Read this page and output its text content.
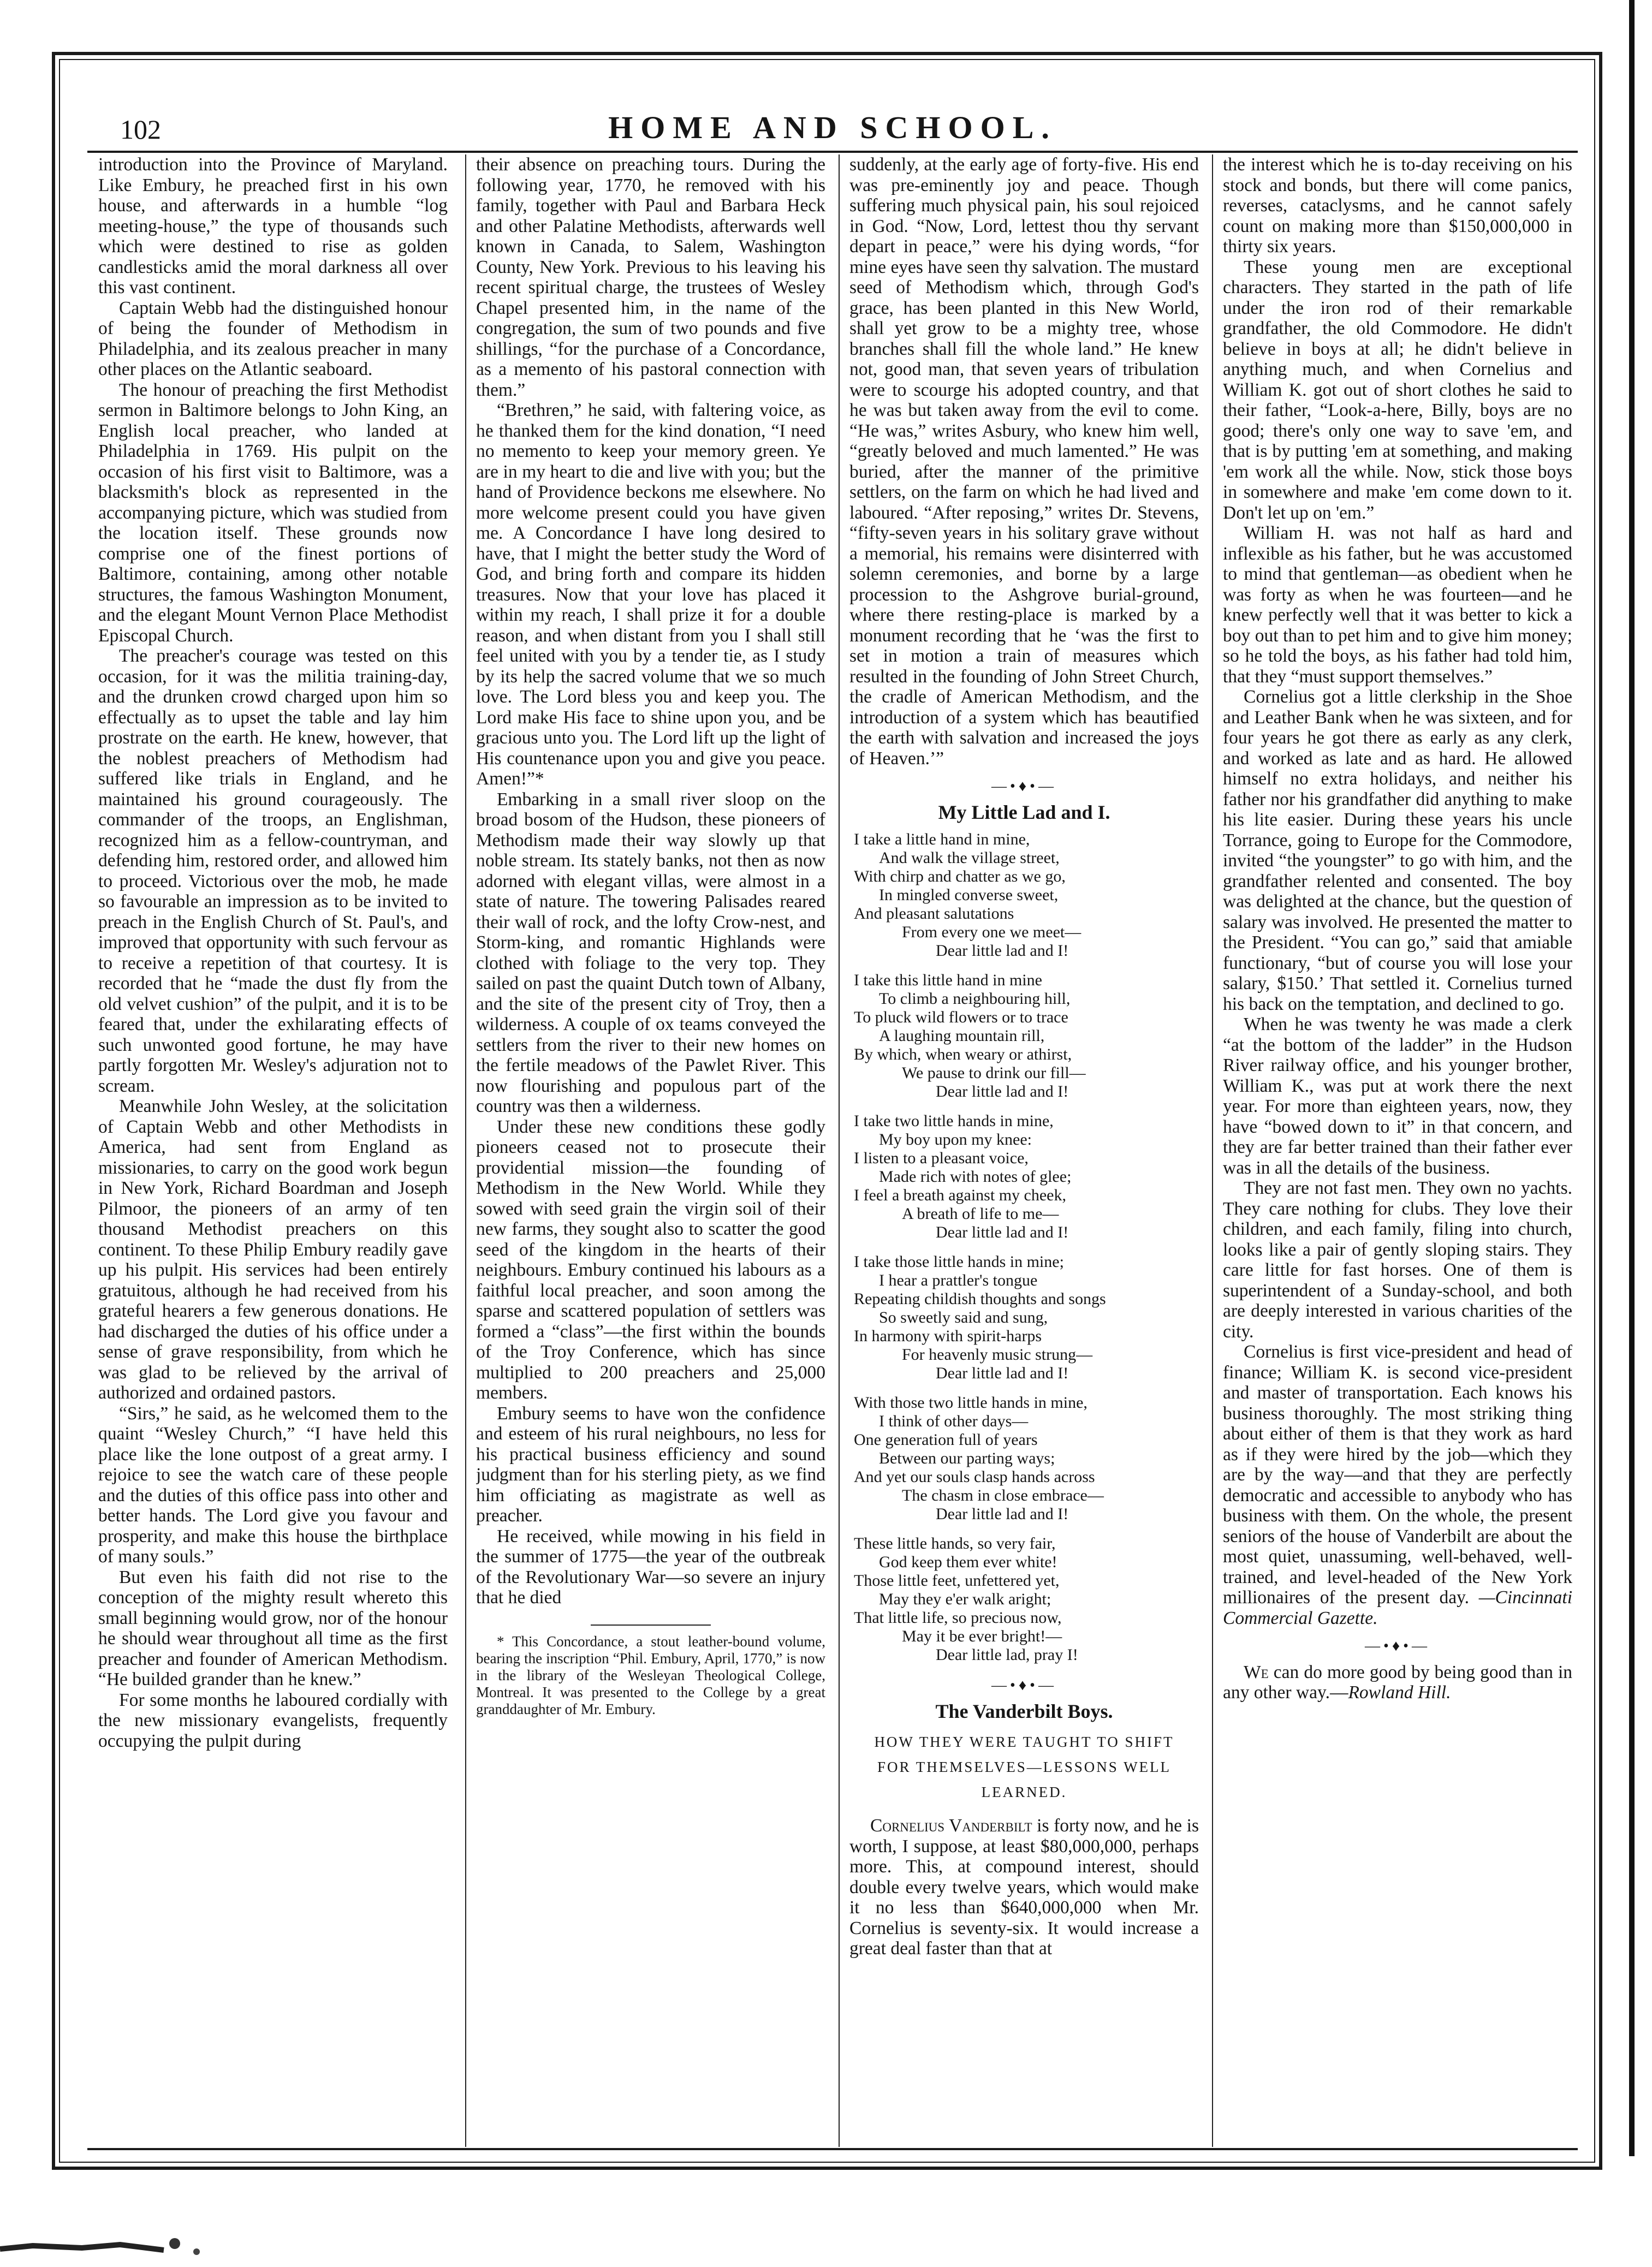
102	HOME AND SCHOOL.

introduction into the Province of Maryland. Like Embury, he preached first in his own house, and afterwards in a humble “log meeting-house,” the type of thousands such which were destined to rise as golden candlesticks amid the moral darkness all over this vast continent.

Captain Webb had the distinguished honour of being the founder of Methodism in Philadelphia, and its zealous preacher in many other places on the Atlantic seaboard.

The honour of preaching the first Methodist sermon in Baltimore belongs to John King, an English local preacher, who landed at Philadelphia in 1769. His pulpit on the occasion of his first visit to Baltimore, was a blacksmith's block as represented in the accompanying picture, which was studied from the location itself. These grounds now comprise one of the finest portions of Baltimore, containing, among other notable structures, the famous Washington Monument, and the elegant Mount Vernon Place Methodist Episcopal Church.

The preacher's courage was tested on this occasion, for it was the militia training-day, and the drunken crowd charged upon him so effectually as to upset the table and lay him prostrate on the earth. He knew, however, that the noblest preachers of Methodism had suffered like trials in England, and he maintained his ground courageously. The commander of the troops, an Englishman, recognized him as a fellow-countryman, and defending him, restored order, and allowed him to proceed. Victorious over the mob, he made so favourable an impression as to be invited to preach in the English Church of St. Paul's, and improved that opportunity with such fervour as to receive a repetition of that courtesy. It is recorded that he “made the dust fly from the old velvet cushion” of the pulpit, and it is to be feared that, under the exhilarating effects of such unwonted good fortune, he may have partly forgotten Mr. Wesley's adjuration not to scream.

Meanwhile John Wesley, at the solicitation of Captain Webb and other Methodists in America, had sent from England as missionaries, to carry on the good work begun in New York, Richard Boardman and Joseph Pilmoor, the pioneers of an army of ten thousand Methodist preachers on this continent. To these Philip Embury readily gave up his pulpit. His services had been entirely gratuitous, although he had received from his grateful hearers a few generous donations. He had discharged the duties of his office under a sense of grave responsibility, from which he was glad to be relieved by the arrival of authorized and ordained pastors.

“Sirs,” he said, as he welcomed them to the quaint “Wesley Church,” “I have held this place like the lone outpost of a great army. I rejoice to see the watch care of these people and the duties of this office pass into other and better hands. The Lord give you favour and prosperity, and make this house the birthplace of many souls.”

But even his faith did not rise to the conception of the mighty result whereto this small beginning would grow, nor of the honour he should wear throughout all time as the first preacher and founder of American Methodism. “He builded grander than he knew.”

For some months he laboured cordially with the new missionary evangelists, frequently occupying the pulpit during

their absence on preaching tours. During the following year, 1770, he removed with his family, together with Paul and Barbara Heck and other Palatine Methodists, afterwards well known in Canada, to Salem, Washington County, New York. Previous to his leaving his recent spiritual charge, the trustees of Wesley Chapel presented him, in the name of the congregation, the sum of two pounds and five shillings, “for the purchase of a Concordance, as a memento of his pastoral connection with them.”

“Brethren,” he said, with faltering voice, as he thanked them for the kind donation, “I need no memento to keep your memory green. Ye are in my heart to die and live with you; but the hand of Providence beckons me elsewhere. No more welcome present could you have given me. A Concordance I have long desired to have, that I might the better study the Word of God, and bring forth and compare its hidden treasures. Now that your love has placed it within my reach, I shall prize it for a double reason, and when distant from you I shall still feel united with you by a tender tie, as I study by its help the sacred volume that we so much love. The Lord bless you and keep you. The Lord make His face to shine upon you, and be gracious unto you. The Lord lift up the light of His countenance upon you and give you peace. Amen!”*

Embarking in a small river sloop on the broad bosom of the Hudson, these pioneers of Methodism made their way slowly up that noble stream. Its stately banks, not then as now adorned with elegant villas, were almost in a state of nature. The towering Palisades reared their wall of rock, and the lofty Crow-nest, and Storm-king, and romantic Highlands were clothed with foliage to the very top. They sailed on past the quaint Dutch town of Albany, and the site of the present city of Troy, then a wilderness. A couple of ox teams conveyed the settlers from the river to their new homes on the fertile meadows of the Pawlet River. This now flourishing and populous part of the country was then a wilderness.

Under these new conditions these godly pioneers ceased not to prosecute their providential mission—the founding of Methodism in the New World. While they sowed with seed grain the virgin soil of their new farms, they sought also to scatter the good seed of the kingdom in the hearts of their neighbours. Embury continued his labours as a faithful local preacher, and soon among the sparse and scattered population of settlers was formed a “class”—the first within the bounds of the Troy Conference, which has since multiplied to 200 preachers and 25,000 members.

Embury seems to have won the confidence and esteem of his rural neighbours, no less for his practical business efficiency and sound judgment than for his sterling piety, as we find him officiating as magistrate as well as preacher.

He received, while mowing in his field in the summer of 1775—the year of the outbreak of the Revolutionary War—so severe an injury that he died

* This Concordance, a stout leather-bound volume, bearing the inscription “Phil. Embury, April, 1770,” is now in the library of the Wesleyan Theological College, Montreal. It was presented to the College by a great granddaughter of Mr. Embury.

suddenly, at the early age of forty-five. His end was pre-eminently joy and peace. Though suffering much physical pain, his soul rejoiced in God. “Now, Lord, lettest thou thy servant depart in peace,” were his dying words, “for mine eyes have seen thy salvation. The mustard seed of Methodism which, through God's grace, has been planted in this New World, shall yet grow to be a mighty tree, whose branches shall fill the whole land.” He knew not, good man, that seven years of tribulation were to scourge his adopted country, and that he was but taken away from the evil to come. “He was,” writes Asbury, who knew him well, “greatly beloved and much lamented.” He was buried, after the manner of the primitive settlers, on the farm on which he had lived and laboured. “After reposing,” writes Dr. Stevens, “fifty-seven years in his solitary grave without a memorial, his remains were disinterred with solemn ceremonies, and borne by a large procession to the Ashgrove burial-ground, where there resting-place is marked by a monument recording that he ‘was the first to set in motion a train of measures which resulted in the founding of John Street Church, the cradle of American Methodism, and the introduction of a system which has beautified the earth with salvation and increased the joys of Heaven.’”

—•♦•—
My Little Lad and I.
I take a little hand in mine,
And walk the village street,
With chirp and chatter as we go,
In mingled converse sweet,
And pleasant salutations
From every one we meet—
Dear little lad and I!
I take this little hand in mine
To climb a neighbouring hill,
To pluck wild flowers or to trace
A laughing mountain rill,
By which, when weary or athirst,
We pause to drink our fill—
Dear little lad and I!
I take two little hands in mine,
My boy upon my knee:
I listen to a pleasant voice,
Made rich with notes of glee;
I feel a breath against my cheek,
A breath of life to me—
Dear little lad and I!
I take those little hands in mine;
I hear a prattler's tongue
Repeating childish thoughts and songs
So sweetly said and sung,
In harmony with spirit-harps
For heavenly music strung—
Dear little lad and I!
With those two little hands in mine,
I think of other days—
One generation full of years
Between our parting ways;
And yet our souls clasp hands across
The chasm in close embrace—
Dear little lad and I!
These little hands, so very fair,
God keep them ever white!
Those little feet, unfettered yet,
May they e'er walk aright;
That little life, so precious now,
May it be ever bright!—
Dear little lad, pray I!
—•♦•—
The Vanderbilt Boys.
HOW THEY WERE TAUGHT TO SHIFT FOR THEMSELVES—LESSONS WELL LEARNED.

Cornelius Vanderbilt is forty now, and he is worth, I suppose, at least $80,000,000, perhaps more. This, at compound interest, should double every twelve years, which would make it no less than $640,000,000 when Mr. Cornelius is seventy-six. It would increase a great deal faster than that at

the interest which he is to-day receiving on his stock and bonds, but there will come panics, reverses, cataclysms, and he cannot safely count on making more than $150,000,000 in thirty six years.

These young men are exceptional characters. They started in the path of life under the iron rod of their remarkable grandfather, the old Commodore. He didn't believe in boys at all; he didn't believe in anything much, and when Cornelius and William K. got out of short clothes he said to their father, “Look-a-here, Billy, boys are no good; there's only one way to save 'em, and that is by putting 'em at something, and making 'em work all the while. Now, stick those boys in somewhere and make 'em come down to it. Don't let up on 'em.”

William H. was not half as hard and inflexible as his father, but he was accustomed to mind that gentleman—as obedient when he was forty as when he was fourteen—and he knew perfectly well that it was better to kick a boy out than to pet him and to give him money; so he told the boys, as his father had told him, that they “must support themselves.”

Cornelius got a little clerkship in the Shoe and Leather Bank when he was sixteen, and for four years he got there as early as any clerk, and worked as late and as hard. He allowed himself no extra holidays, and neither his father nor his grandfather did anything to make his lite easier. During these years his uncle Torrance, going to Europe for the Commodore, invited “the youngster” to go with him, and the grandfather relented and consented. The boy was delighted at the chance, but the question of salary was involved. He presented the matter to the President. “You can go,” said that amiable functionary, “but of course you will lose your salary, $150.’ That settled it. Cornelius turned his back on the temptation, and declined to go.

When he was twenty he was made a clerk “at the bottom of the ladder” in the Hudson River railway office, and his younger brother, William K., was put at work there the next year. For more than eighteen years, now, they have “bowed down to it” in that concern, and they are far better trained than their father ever was in all the details of the business.

They are not fast men. They own no yachts. They care nothing for clubs. They love their children, and each family, filing into church, looks like a pair of gently sloping stairs. They care little for fast horses. One of them is superintendent of a Sunday-school, and both are deeply interested in various charities of the city.

Cornelius is first vice-president and head of finance; William K. is second vice-president and master of transportation. Each knows his business thoroughly. The most striking thing about either of them is that they work as hard as if they were hired by the job—which they are by the way—and that they are perfectly democratic and accessible to anybody who has business with them. On the whole, the present seniors of the house of Vanderbilt are about the most quiet, unassuming, well-behaved, well-trained, and level-headed of the New York millionaires of the present day. —Cincinnati Commercial Gazette.

—•♦•—

We can do more good by being good than in any other way.—Rowland Hill.
